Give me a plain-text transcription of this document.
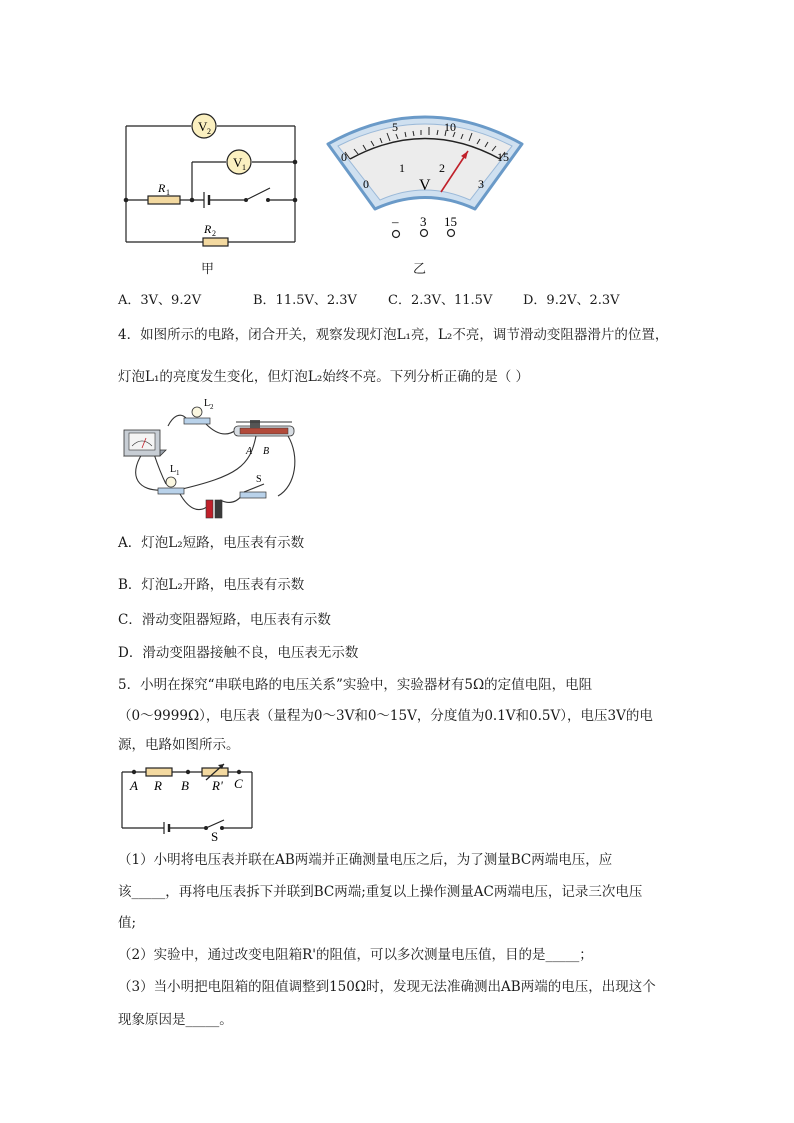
V 2
V 1
R 1
R 2
甲
0
5	10
15
0
1	2
3
V
– 3 15
乙
A．3V、9.2V	B．11.5V、2.3V	C．2.3V、11.5V	D．9.2V、2.3V
4．如图所示的电路，闭合开关，观察发现灯泡L₁亮，L₂不亮，调节滑动变阻器滑片的位置，
灯泡L₁的亮度发生变化，但灯泡L₂始终不亮。下列分析正确的是（ ）
L 2
A B
L 1
S
A．灯泡L₂短路，电压表有示数
B．灯泡L₂开路，电压表有示数
C．滑动变阻器短路，电压表有示数
D．滑动变阻器接触不良，电压表无示数
5．小明在探究“串联电路的电压关系”实验中，实验器材有5Ω的定值电阻，电阻
（0～9999Ω），电压表（量程为0～3V和0～15V，分度值为0.1V和0.5V），电压3V的电
源，电路如图所示。
A R B R' C
S
（1）小明将电压表并联在AB两端并正确测量电压之后，为了测量BC两端电压，应
该_____，再将电压表拆下并联到BC两端;重复以上操作测量AC两端电压，记录三次电压
值;
（2）实验中，通过改变电阻箱R'的阻值，可以多次测量电压值，目的是_____；
（3）当小明把电阻箱的阻值调整到150Ω时，发现无法准确测出AB两端的电压，出现这个
现象原因是_____。
